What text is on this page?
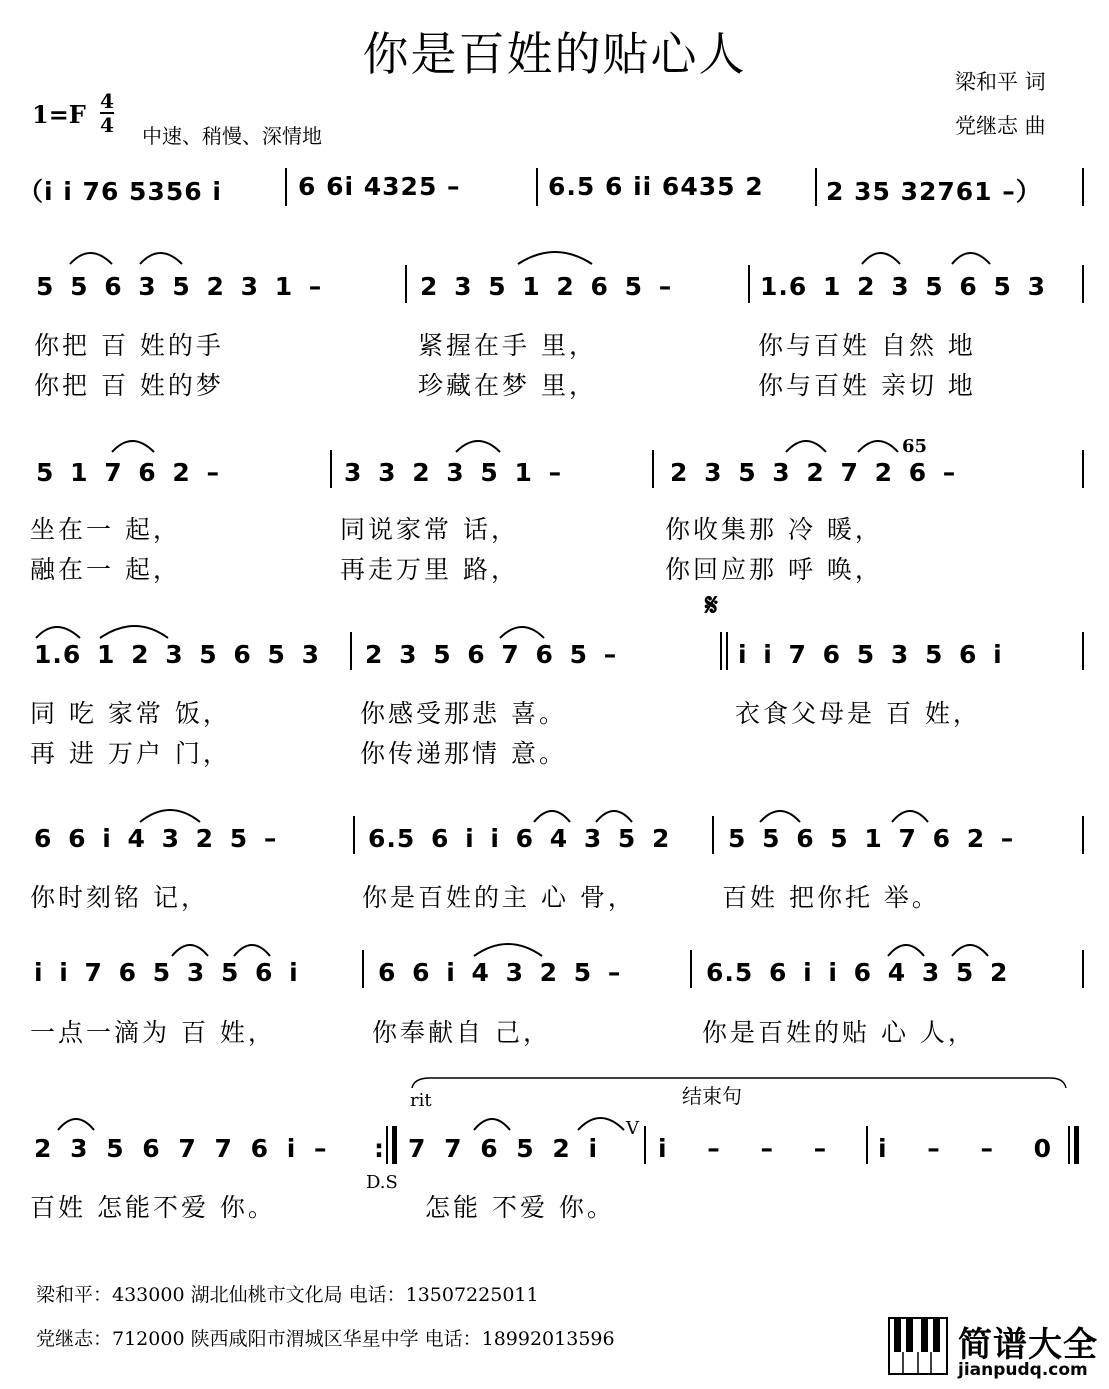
你是百姓的贴心人
梁和平 词
党继志 曲
1=F 4
4 中速、稍慢、深情地
（i i 76 5356 i	6 6i 4325 –	6.5 6 ii 6435 2 2 35 32761 –）
5 5 6 3 5 2 3 1 –	2 3 5 1 2 6 5 –	1.6 1 2 3 5 6 5 3
你把 百 姓的手	紧握在手 里，	你与百姓 自然 地
你把 百 姓的梦	珍藏在梦 里，	你与百姓 亲切 地
65
5 1 7 6 2 –	3 3 2 3 5 1 –	2 3 5 3 2 7 2 6 –
坐在一 起，	同说家常 话，	你收集那 冷 暖，
融在一 起，	再走万里 路，	你回应那 呼 唤，
𝄋
1.6 1 2 3 5 6 5 3 2 3 5 6 7 6 5 –	i i 7 6 5 3 5 6 i
同 吃 家常 饭，	你感受那悲 喜。	衣食父母是 百 姓，
再 进 万户 门，	你传递那情 意。
6 6 i 4 3 2 5 –	6.5 6 i i 6 4 3 5 2 5 5 6 5 1 7 6 2 –
你时刻铭 记，	你是百姓的主 心 骨，	百姓 把你托 举。
i i 7 6 5 3 5 6 i	6 6 i 4 3 2 5 –	6.5 6 i i 6 4 3 5 2
一点一滴为 百 姓，	你奉献自 己，	你是百姓的贴 心 人，
rit	结束句
V
2 3 5 6 7 7 6 i – : 7 7 6 5 2 i i – – – i – – 0
D.S
百姓 怎能不爱 你。	怎能 不爱 你。
梁和平：433000 湖北仙桃市文化局 电话：13507225011
党继志：712000 陕西咸阳市渭城区华星中学 电话：18992013596	简谱大全
jianpudq.com
